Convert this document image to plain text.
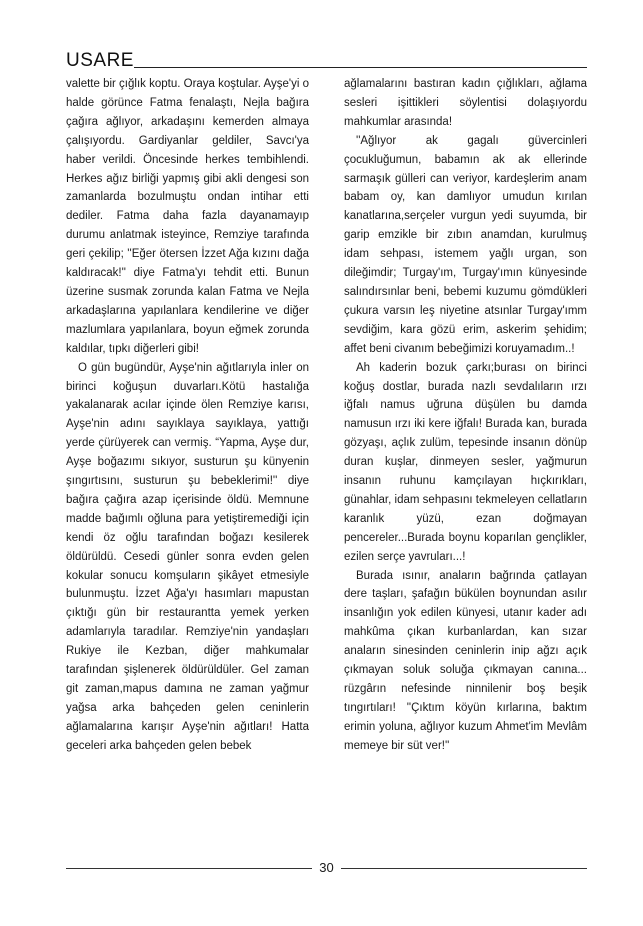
USARE

valette bir çığlık koptu. Oraya koştular. Ayşe'yi o halde görünce Fatma fenalaştı, Nejla bağıra çağıra ağlıyor, arkadaşını kemerden almaya çalışıyordu. Gardiyanlar geldiler, Savcı'ya haber verildi. Öncesinde herkes tembihlendi. Herkes ağız birliği yapmış gibi akli dengesi son zamanlarda bozulmuştu ondan intihar etti dediler. Fatma daha fazla dayanamayıp durumu anlatmak isteyince, Remziye tarafında geri çekilip; ''Eğer ötersen İzzet Ağa kızını dağa kaldıracak!'' diye Fatma'yı tehdit etti. Bunun üzerine susmak zorunda kalan Fatma ve Nejla arkadaşlarına yapılanlara kendilerine ve diğer mazlumlara yapılanlara, boyun eğmek zorunda kaldılar, tıpkı diğerleri gibi!

O gün bugündür, Ayşe'nin ağıtlarıyla inler on birinci koğuşun duvarları.Kötü hastalığa yakalanarak acılar içinde ölen Remziye karısı, Ayşe'nin adını sayıklaya sayıklaya, yattığı yerde çürüyerek can vermiş. “Yapma, Ayşe dur, Ayşe boğazımı sıkıyor, susturun şu künyenin şıngırtısını, susturun şu bebeklerimi!'' diye bağıra çağıra azap içerisinde öldü. Memnune madde bağımlı oğluna para yetiştiremediği için kendi öz oğlu tarafından boğazı kesilerek öldürüldü. Cesedi günler sonra evden gelen kokular sonucu komşuların şikâyet etmesiyle bulunmuştu. İzzet Ağa'yı hasımları mapustan çıktığı gün bir restaurantta yemek yerken adamlarıyla taradılar. Remziye'nin yandaşları Rukiye ile Kezban, diğer mahkumalar tarafından şişlenerek öldürüldüler. Gel zaman git zaman,mapus damına ne zaman yağmur yağsa arka bahçeden gelen ceninlerin ağlamalarına karışır Ayşe'nin ağıtları! Hatta geceleri arka bahçeden gelen bebek

ağlamalarını bastıran kadın çığlıkları, ağlama sesleri işittikleri söylentisi dolaşıyordu mahkumlar arasında!

''Ağlıyor ak gagalı güvercinleri çocukluğumun, babamın ak ak ellerinde sarmaşık gülleri can veriyor, kardeşlerim anam babam oy, kan damlıyor umudun kırılan kanatlarına,serçeler vurgun yedi suyumda, bir garip emzikle bir zıbın anamdan, kurulmuş idam sehpası, istemem yağlı urgan, son dileğimdir; Turgay'ım, Turgay'ımın künyesinde salındırsınlar beni, bebemi kuzumu gömdükleri çukura varsın leş niyetine atsınlar Turgay'ımm sevdiğim, kara gözü erim, askerim şehidim; affet beni civanım bebeğimizi koruyamadım..!

Ah kaderin bozuk çarkı;burası on birinci koğuş dostlar, burada nazlı sevdalıların ırzı iğfalı namus uğruna düşülen bu damda namusun ırzı iki kere iğfalı! Burada kan, burada gözyaşı, açlık zulüm, tepesinde insanın dönüp duran kuşlar, dinmeyen sesler, yağmurun insanın ruhunu kamçılayan hıçkırıkları, günahlar, idam sehpasını tekmeleyen cellatların karanlık yüzü, ezan doğmayan pencereler...Burada boynu koparılan gençlikler, ezilen serçe yavruları...!

Burada ısınır, anaların bağrında çatlayan dere taşları, şafağın bükülen boynundan asılır insanlığın yok edilen künyesi, utanır kader adı mahkûma çıkan kurbanlardan, kan sızar anaların sinesinden ceninlerin inip ağzı açık çıkmayan soluk soluğa çıkmayan canına... rüzgârın nefesinde ninnilenir boş beşik tıngırtıları! ''Çıktım köyün kırlarına, baktım erimin yoluna, ağlıyor kuzum Ahmet'im Mevlâm memeye bir süt ver!''

30
